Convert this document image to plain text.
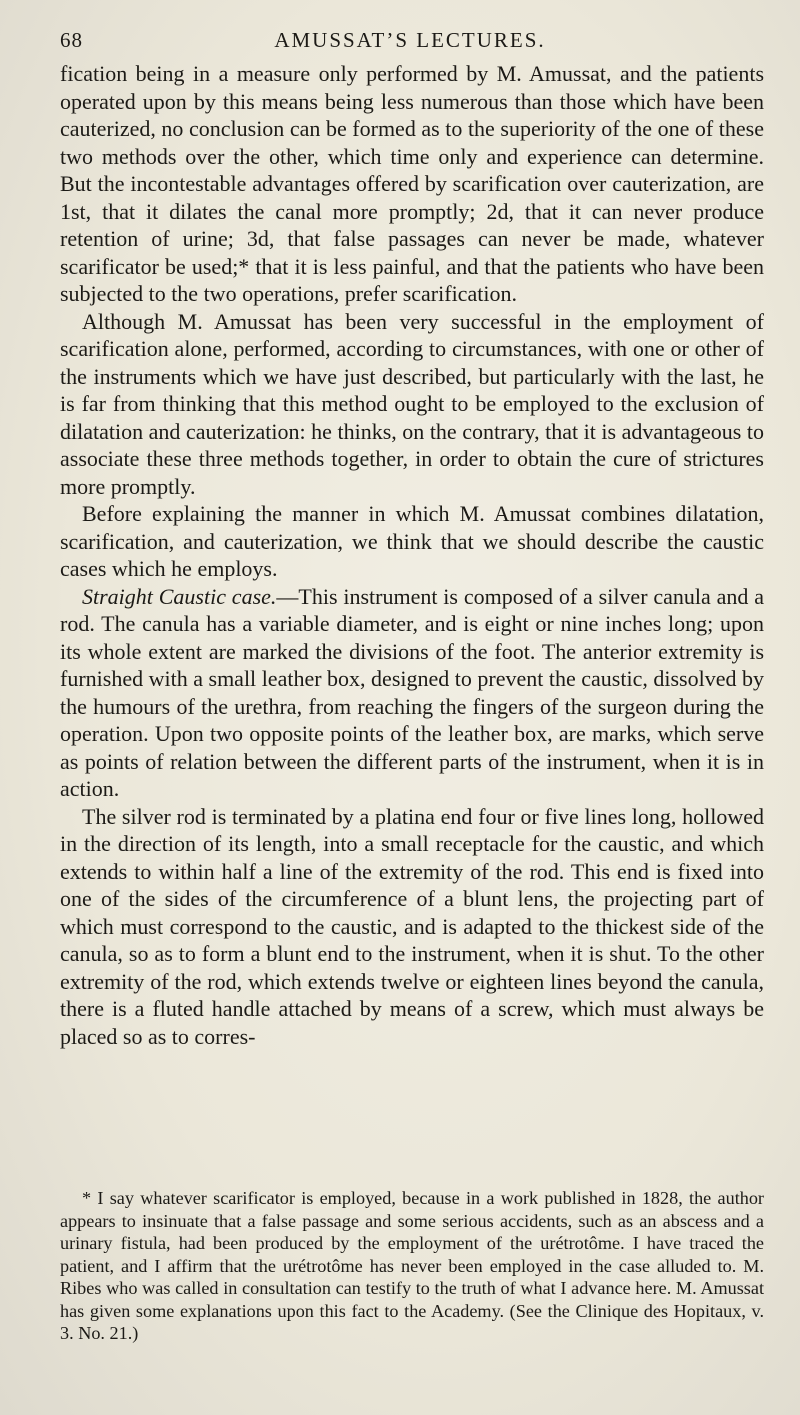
68	AMUSSAT’S LECTURES.

fication being in a measure only performed by M. Amussat, and the patients operated upon by this means being less numerous than those which have been cauterized, no conclusion can be formed as to the superiority of the one of these two methods over the other, which time only and experience can determine. But the incontestable advantages offered by scarification over cauterization, are 1st, that it dilates the canal more promptly; 2d, that it can never produce retention of urine; 3d, that false passages can never be made, whatever scarificator be used;* that it is less painful, and that the patients who have been subjected to the two operations, prefer scarification.

Although M. Amussat has been very successful in the employment of scarification alone, performed, according to circumstances, with one or other of the instruments which we have just described, but particularly with the last, he is far from thinking that this method ought to be employed to the exclusion of dilatation and cauterization: he thinks, on the contrary, that it is advantageous to associate these three methods together, in order to obtain the cure of strictures more promptly.

Before explaining the manner in which M. Amussat combines dilatation, scarification, and cauterization, we think that we should describe the caustic cases which he employs.

Straight Caustic case.—This instrument is composed of a silver canula and a rod. The canula has a variable diameter, and is eight or nine inches long; upon its whole extent are marked the divisions of the foot. The anterior extremity is furnished with a small leather box, designed to prevent the caustic, dissolved by the humours of the urethra, from reaching the fingers of the surgeon during the operation. Upon two opposite points of the leather box, are marks, which serve as points of relation between the different parts of the instrument, when it is in action.

The silver rod is terminated by a platina end four or five lines long, hollowed in the direction of its length, into a small receptacle for the caustic, and which extends to within half a line of the extremity of the rod. This end is fixed into one of the sides of the circumference of a blunt lens, the projecting part of which must correspond to the caustic, and is adapted to the thickest side of the canula, so as to form a blunt end to the instrument, when it is shut. To the other extremity of the rod, which extends twelve or eighteen lines beyond the canula, there is a fluted handle attached by means of a screw, which must always be placed so as to corres-

* I say whatever scarificator is employed, because in a work published in 1828, the author appears to insinuate that a false passage and some serious accidents, such as an abscess and a urinary fistula, had been produced by the employment of the urétrotôme. I have traced the patient, and I affirm that the urétrotôme has never been employed in the case alluded to. M. Ribes who was called in consultation can testify to the truth of what I advance here. M. Amussat has given some explanations upon this fact to the Academy. (See the Clinique des Hopitaux, v. 3. No. 21.)
